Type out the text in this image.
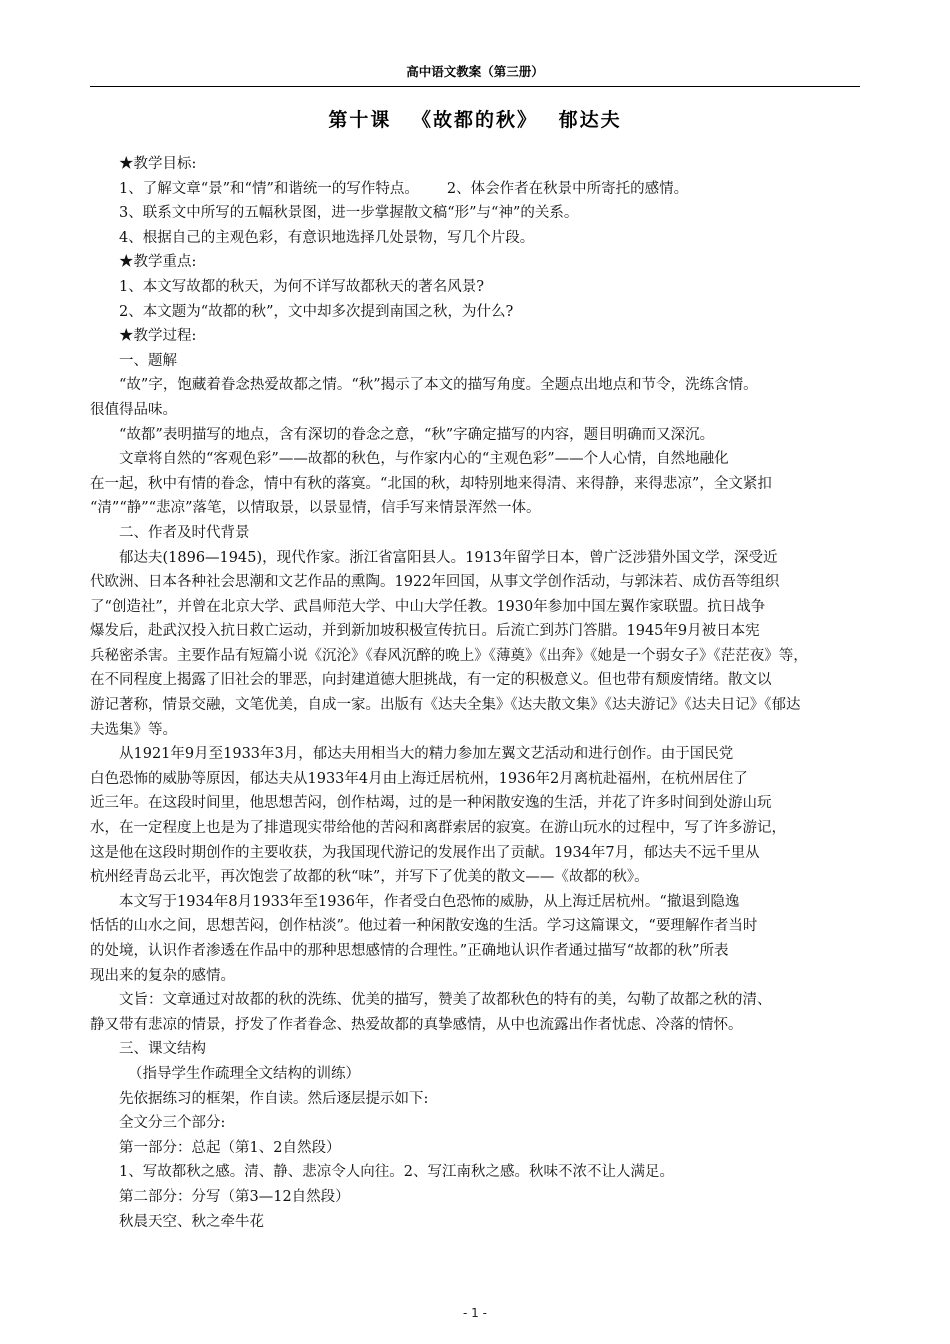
高中语文教案（第三册）
第十课 《故都的秋》 郁达夫
★教学目标:
1、了解文章“景”和“情”和谐统一的写作特点。 2、体会作者在秋景中所寄托的感情。
3、联系文中所写的五幅秋景图，进一步掌握散文稿“形”与“神”的关系。
4、根据自己的主观色彩，有意识地选择几处景物，写几个片段。
★教学重点:
1、本文写故都的秋天，为何不详写故都秋天的著名风景?
2、本文题为“故都的秋”，文中却多次提到南国之秋，为什么?
★教学过程:
一、题解
“故”字，饱藏着眷念热爱故都之情。“秋”揭示了本文的描写角度。全题点出地点和节令，洗练含情。
很值得品味。
“故都”表明描写的地点，含有深切的眷念之意，“秋”字确定描写的内容，题目明确而又深沉。
文章将自然的“客观色彩”——故都的秋色，与作家内心的“主观色彩”——个人心情，自然地融化
在一起，秋中有情的眷念，情中有秋的落寞。“北国的秋，却特别地来得清、来得静，来得悲凉”，全文紧扣
“清”“静”“悲凉”落笔，以情取景，以景显情，信手写来情景浑然一体。
二、作者及时代背景
郁达夫(1896—1945)，现代作家。浙江省富阳县人。1913年留学日本，曾广泛涉猎外国文学，深受近
代欧洲、日本各种社会思潮和文艺作品的熏陶。1922年回国，从事文学创作活动，与郭沫若、成仿吾等组织
了“创造社”，并曾在北京大学、武昌师范大学、中山大学任教。1930年参加中国左翼作家联盟。抗日战争
爆发后，赴武汉投入抗日救亡运动，并到新加坡积极宣传抗日。后流亡到苏门答腊。1945年9月被日本宪
兵秘密杀害。主要作品有短篇小说《沉沦》《春风沉醉的晚上》《薄奠》《出奔》《她是一个弱女子》《茫茫夜》等，
在不同程度上揭露了旧社会的罪恶，向封建道德大胆挑战，有一定的积极意义。但也带有颓废情绪。散文以
游记著称，情景交融，文笔优美，自成一家。出版有《达夫全集》《达夫散文集》《达夫游记》《达夫日记》《郁达
夫选集》等。
从1921年9月至1933年3月，郁达夫用相当大的精力参加左翼文艺活动和进行创作。由于国民党
白色恐怖的威胁等原因，郁达夫从1933年4月由上海迁居杭州，1936年2月离杭赴福州，在杭州居住了
近三年。在这段时间里，他思想苦闷，创作枯竭，过的是一种闲散安逸的生活，并花了许多时间到处游山玩
水，在一定程度上也是为了排遣现实带给他的苦闷和离群索居的寂寞。在游山玩水的过程中，写了许多游记，
这是他在这段时期创作的主要收获，为我国现代游记的发展作出了贡献。1934年7月，郁达夫不远千里从
杭州经青岛云北平，再次饱尝了故都的秋“味”，并写下了优美的散文——《故都的秋》。
本文写于1934年8月1933年至1936年，作者受白色恐怖的威胁，从上海迁居杭州。“撤退到隐逸
恬恬的山水之间，思想苦闷，创作枯淡”。他过着一种闲散安逸的生活。学习这篇课文，“要理解作者当时
的处境，认识作者渗透在作品中的那种思想感情的合理性。”正确地认识作者通过描写“故都的秋”所表
现出来的复杂的感情。
文旨：文章通过对故都的秋的洗练、优美的描写，赞美了故都秋色的特有的美，勾勒了故都之秋的清、
静又带有悲凉的情景，抒发了作者眷念、热爱故都的真挚感情，从中也流露出作者忧虑、冷落的情怀。
三、课文结构
（指导学生作疏理全文结构的训练）
先依据练习的框架，作自读。然后逐层提示如下:
全文分三个部分:
第一部分：总起（第1、2自然段）
1、写故都秋之感。清、静、悲凉令人向往。2、写江南秋之感。秋味不浓不让人满足。
第二部分：分写（第3—12自然段）
秋晨天空、秋之牵牛花
- 1 -
